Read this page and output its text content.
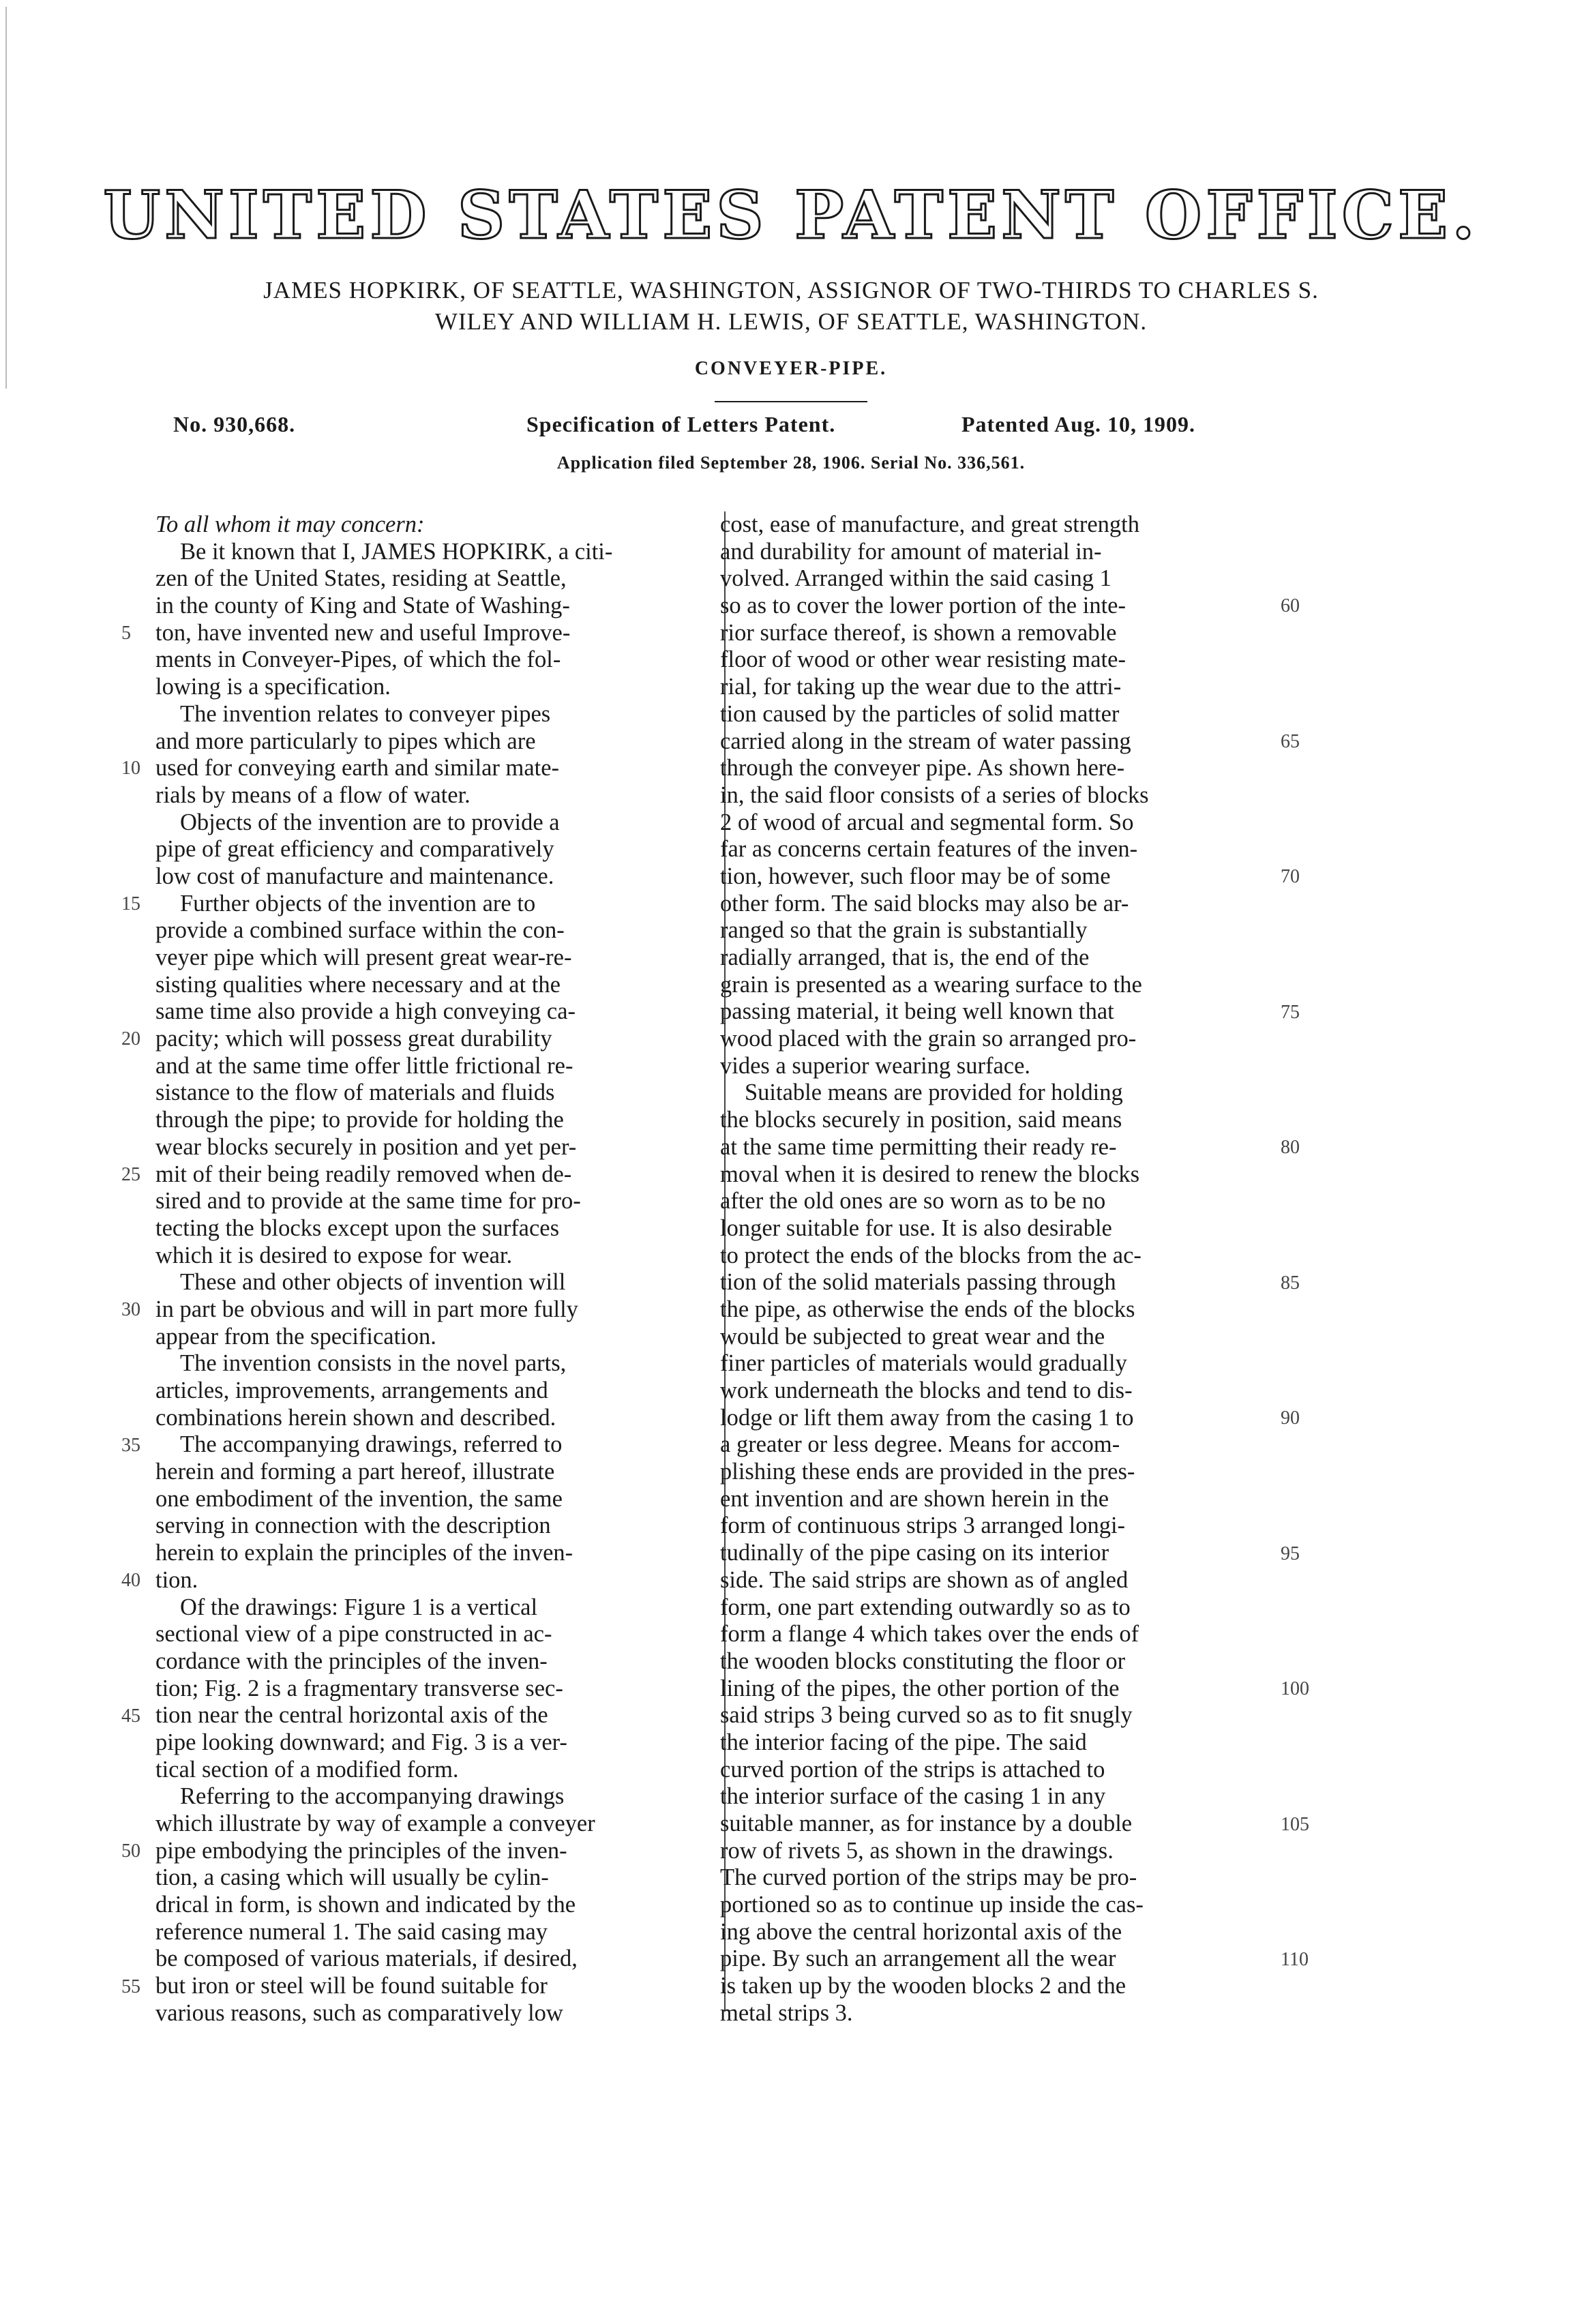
UNITED STATES PATENT OFFICE.
JAMES HOPKIRK, OF SEATTLE, WASHINGTON, ASSIGNOR OF TWO-THIRDS TO CHARLES S.
WILEY AND WILLIAM H. LEWIS, OF SEATTLE, WASHINGTON.
CONVEYER-PIPE.
No. 930,668.	Specification of Letters Patent.	Patented Aug. 10, 1909.
Application filed September 28, 1906. Serial No. 336,561.
To all whom it may concern:
Be it known that I, JAMES HOPKIRK, a citi-
zen of the United States, residing at Seattle,
in the county of King and State of Washing-
ton, have invented new and useful Improve-
ments in Conveyer-Pipes, of which the fol-
lowing is a specification.
The invention relates to conveyer pipes
and more particularly to pipes which are
used for conveying earth and similar mate-
rials by means of a flow of water.
Objects of the invention are to provide a
pipe of great efficiency and comparatively
low cost of manufacture and maintenance.
Further objects of the invention are to
provide a combined surface within the con-
veyer pipe which will present great wear-re-
sisting qualities where necessary and at the
same time also provide a high conveying ca-
pacity; which will possess great durability
and at the same time offer little frictional re-
sistance to the flow of materials and fluids
through the pipe; to provide for holding the
wear blocks securely in position and yet per-
mit of their being readily removed when de-
sired and to provide at the same time for pro-
tecting the blocks except upon the surfaces
which it is desired to expose for wear.
These and other objects of invention will
in part be obvious and will in part more fully
appear from the specification.
The invention consists in the novel parts,
articles, improvements, arrangements and
combinations herein shown and described.
The accompanying drawings, referred to
herein and forming a part hereof, illustrate
one embodiment of the invention, the same
serving in connection with the description
herein to explain the principles of the inven-
tion.
Of the drawings: Figure 1 is a vertical
sectional view of a pipe constructed in ac-
cordance with the principles of the inven-
tion; Fig. 2 is a fragmentary transverse sec-
tion near the central horizontal axis of the
pipe looking downward; and Fig. 3 is a ver-
tical section of a modified form.
Referring to the accompanying drawings
which illustrate by way of example a conveyer
pipe embodying the principles of the inven-
tion, a casing which will usually be cylin-
drical in form, is shown and indicated by the
reference numeral 1. The said casing may
be composed of various materials, if desired,
but iron or steel will be found suitable for
various reasons, such as comparatively low
cost, ease of manufacture, and great strength
and durability for amount of material in-
volved. Arranged within the said casing 1
so as to cover the lower portion of the inte-
rior surface thereof, is shown a removable
floor of wood or other wear resisting mate-
rial, for taking up the wear due to the attri-
tion caused by the particles of solid matter
carried along in the stream of water passing
through the conveyer pipe. As shown here-
in, the said floor consists of a series of blocks
2 of wood of arcual and segmental form. So
far as concerns certain features of the inven-
tion, however, such floor may be of some
other form. The said blocks may also be ar-
ranged so that the grain is substantially
radially arranged, that is, the end of the
grain is presented as a wearing surface to the
passing material, it being well known that
wood placed with the grain so arranged pro-
vides a superior wearing surface.
Suitable means are provided for holding
the blocks securely in position, said means
at the same time permitting their ready re-
moval when it is desired to renew the blocks
after the old ones are so worn as to be no
longer suitable for use. It is also desirable
to protect the ends of the blocks from the ac-
tion of the solid materials passing through
the pipe, as otherwise the ends of the blocks
would be subjected to great wear and the
finer particles of materials would gradually
work underneath the blocks and tend to dis-
lodge or lift them away from the casing 1 to
a greater or less degree. Means for accom-
plishing these ends are provided in the pres-
ent invention and are shown herein in the
form of continuous strips 3 arranged longi-
tudinally of the pipe casing on its interior
side. The said strips are shown as of angled
form, one part extending outwardly so as to
form a flange 4 which takes over the ends of
the wooden blocks constituting the floor or
lining of the pipes, the other portion of the
said strips 3 being curved so as to fit snugly
the interior facing of the pipe. The said
curved portion of the strips is attached to
the interior surface of the casing 1 in any
suitable manner, as for instance by a double
row of rivets 5, as shown in the drawings.
The curved portion of the strips may be pro-
portioned so as to continue up inside the cas-
ing above the central horizontal axis of the
pipe. By such an arrangement all the wear
is taken up by the wooden blocks 2 and the
metal strips 3.
5
10
15
20
25
30
35
40
45
50
55
60
65
70
75
80
85
90
95
100
105
110
